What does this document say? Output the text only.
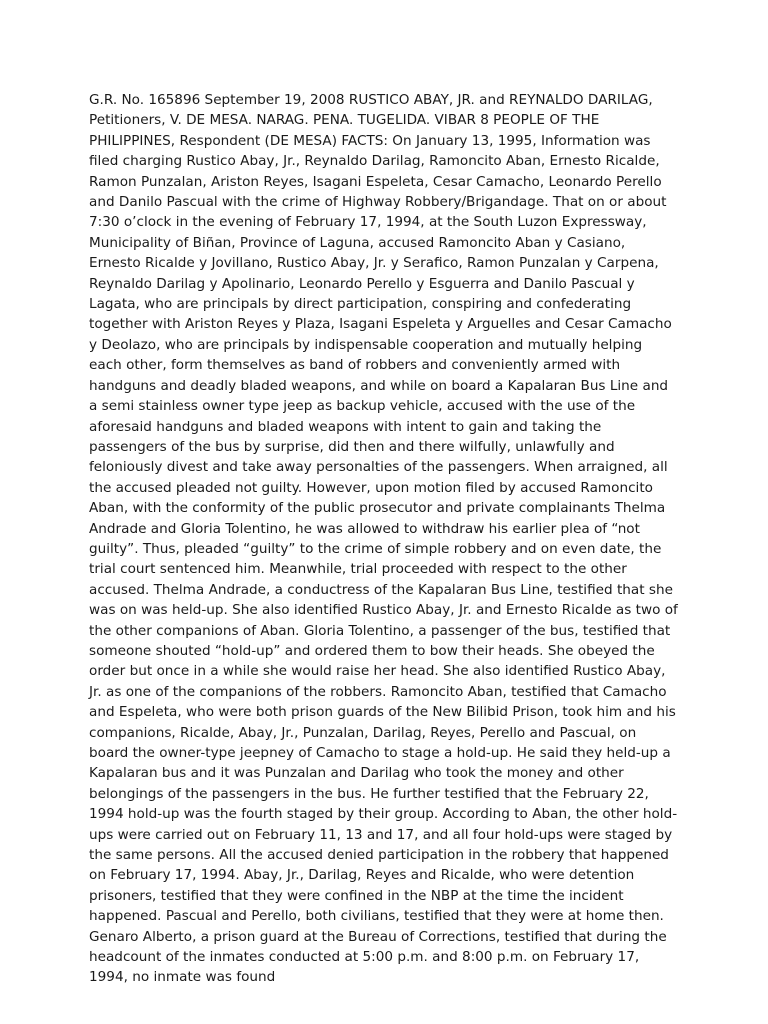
G.R. No. 165896 September 19, 2008 RUSTICO ABAY, JR. and REYNALDO DARILAG, Petitioners, V. DE MESA. NARAG. PENA. TUGELIDA. VIBAR 8 PEOPLE OF THE PHILIPPINES, Respondent (DE MESA) FACTS: On January 13, 1995, Information was filed charging Rustico Abay, Jr., Reynaldo Darilag, Ramoncito Aban, Ernesto Ricalde, Ramon Punzalan, Ariston Reyes, Isagani Espeleta, Cesar Camacho, Leonardo Perello and Danilo Pascual with the crime of Highway Robbery/Brigandage. That on or about 7:30 o’clock in the evening of February 17, 1994, at the South Luzon Expressway, Municipality of Biñan, Province of Laguna, accused Ramoncito Aban y Casiano, Ernesto Ricalde y Jovillano, Rustico Abay, Jr. y Serafico, Ramon Punzalan y Carpena, Reynaldo Darilag y Apolinario, Leonardo Perello y Esguerra and Danilo Pascual y Lagata, who are principals by direct participation, conspiring and confederating together with Ariston Reyes y Plaza, Isagani Espeleta y Arguelles and Cesar Camacho y Deolazo, who are principals by indispensable cooperation and mutually helping each other, form themselves as band of robbers and conveniently armed with handguns and deadly bladed weapons, and while on board a Kapalaran Bus Line and a semi stainless owner type jeep as backup vehicle, accused with the use of the aforesaid handguns and bladed weapons with intent to gain and taking the passengers of the bus by surprise, did then and there wilfully, unlawfully and feloniously divest and take away personalties of the passengers. When arraigned, all the accused pleaded not guilty. However, upon motion filed by accused Ramoncito Aban, with the conformity of the public prosecutor and private complainants Thelma Andrade and Gloria Tolentino, he was allowed to withdraw his earlier plea of “not guilty”. Thus, pleaded “guilty” to the crime of simple robbery and on even date, the trial court sentenced him. Meanwhile, trial proceeded with respect to the other accused. Thelma Andrade, a conductress of the Kapalaran Bus Line, testified that she was on was held-up. She also identified Rustico Abay, Jr. and Ernesto Ricalde as two of the other companions of Aban. Gloria Tolentino, a passenger of the bus, testified that someone shouted “hold-up” and ordered them to bow their heads. She obeyed the order but once in a while she would raise her head. She also identified Rustico Abay, Jr. as one of the companions of the robbers. Ramoncito Aban, testified that Camacho and Espeleta, who were both prison guards of the New Bilibid Prison, took him and his companions, Ricalde, Abay, Jr., Punzalan, Darilag, Reyes, Perello and Pascual, on board the owner-type jeepney of Camacho to stage a hold-up. He said they held-up a Kapalaran bus and it was Punzalan and Darilag who took the money and other belongings of the passengers in the bus. He further testified that the February 22, 1994 hold-up was the fourth staged by their group. According to Aban, the other hold-ups were carried out on February 11, 13 and 17, and all four hold-ups were staged by the same persons. All the accused denied participation in the robbery that happened on February 17, 1994. Abay, Jr., Darilag, Reyes and Ricalde, who were detention prisoners, testified that they were confined in the NBP at the time the incident happened. Pascual and Perello, both civilians, testified that they were at home then. Genaro Alberto, a prison guard at the Bureau of Corrections, testified that during the headcount of the inmates conducted at 5:00 p.m. and 8:00 p.m. on February 17, 1994, no inmate was found
